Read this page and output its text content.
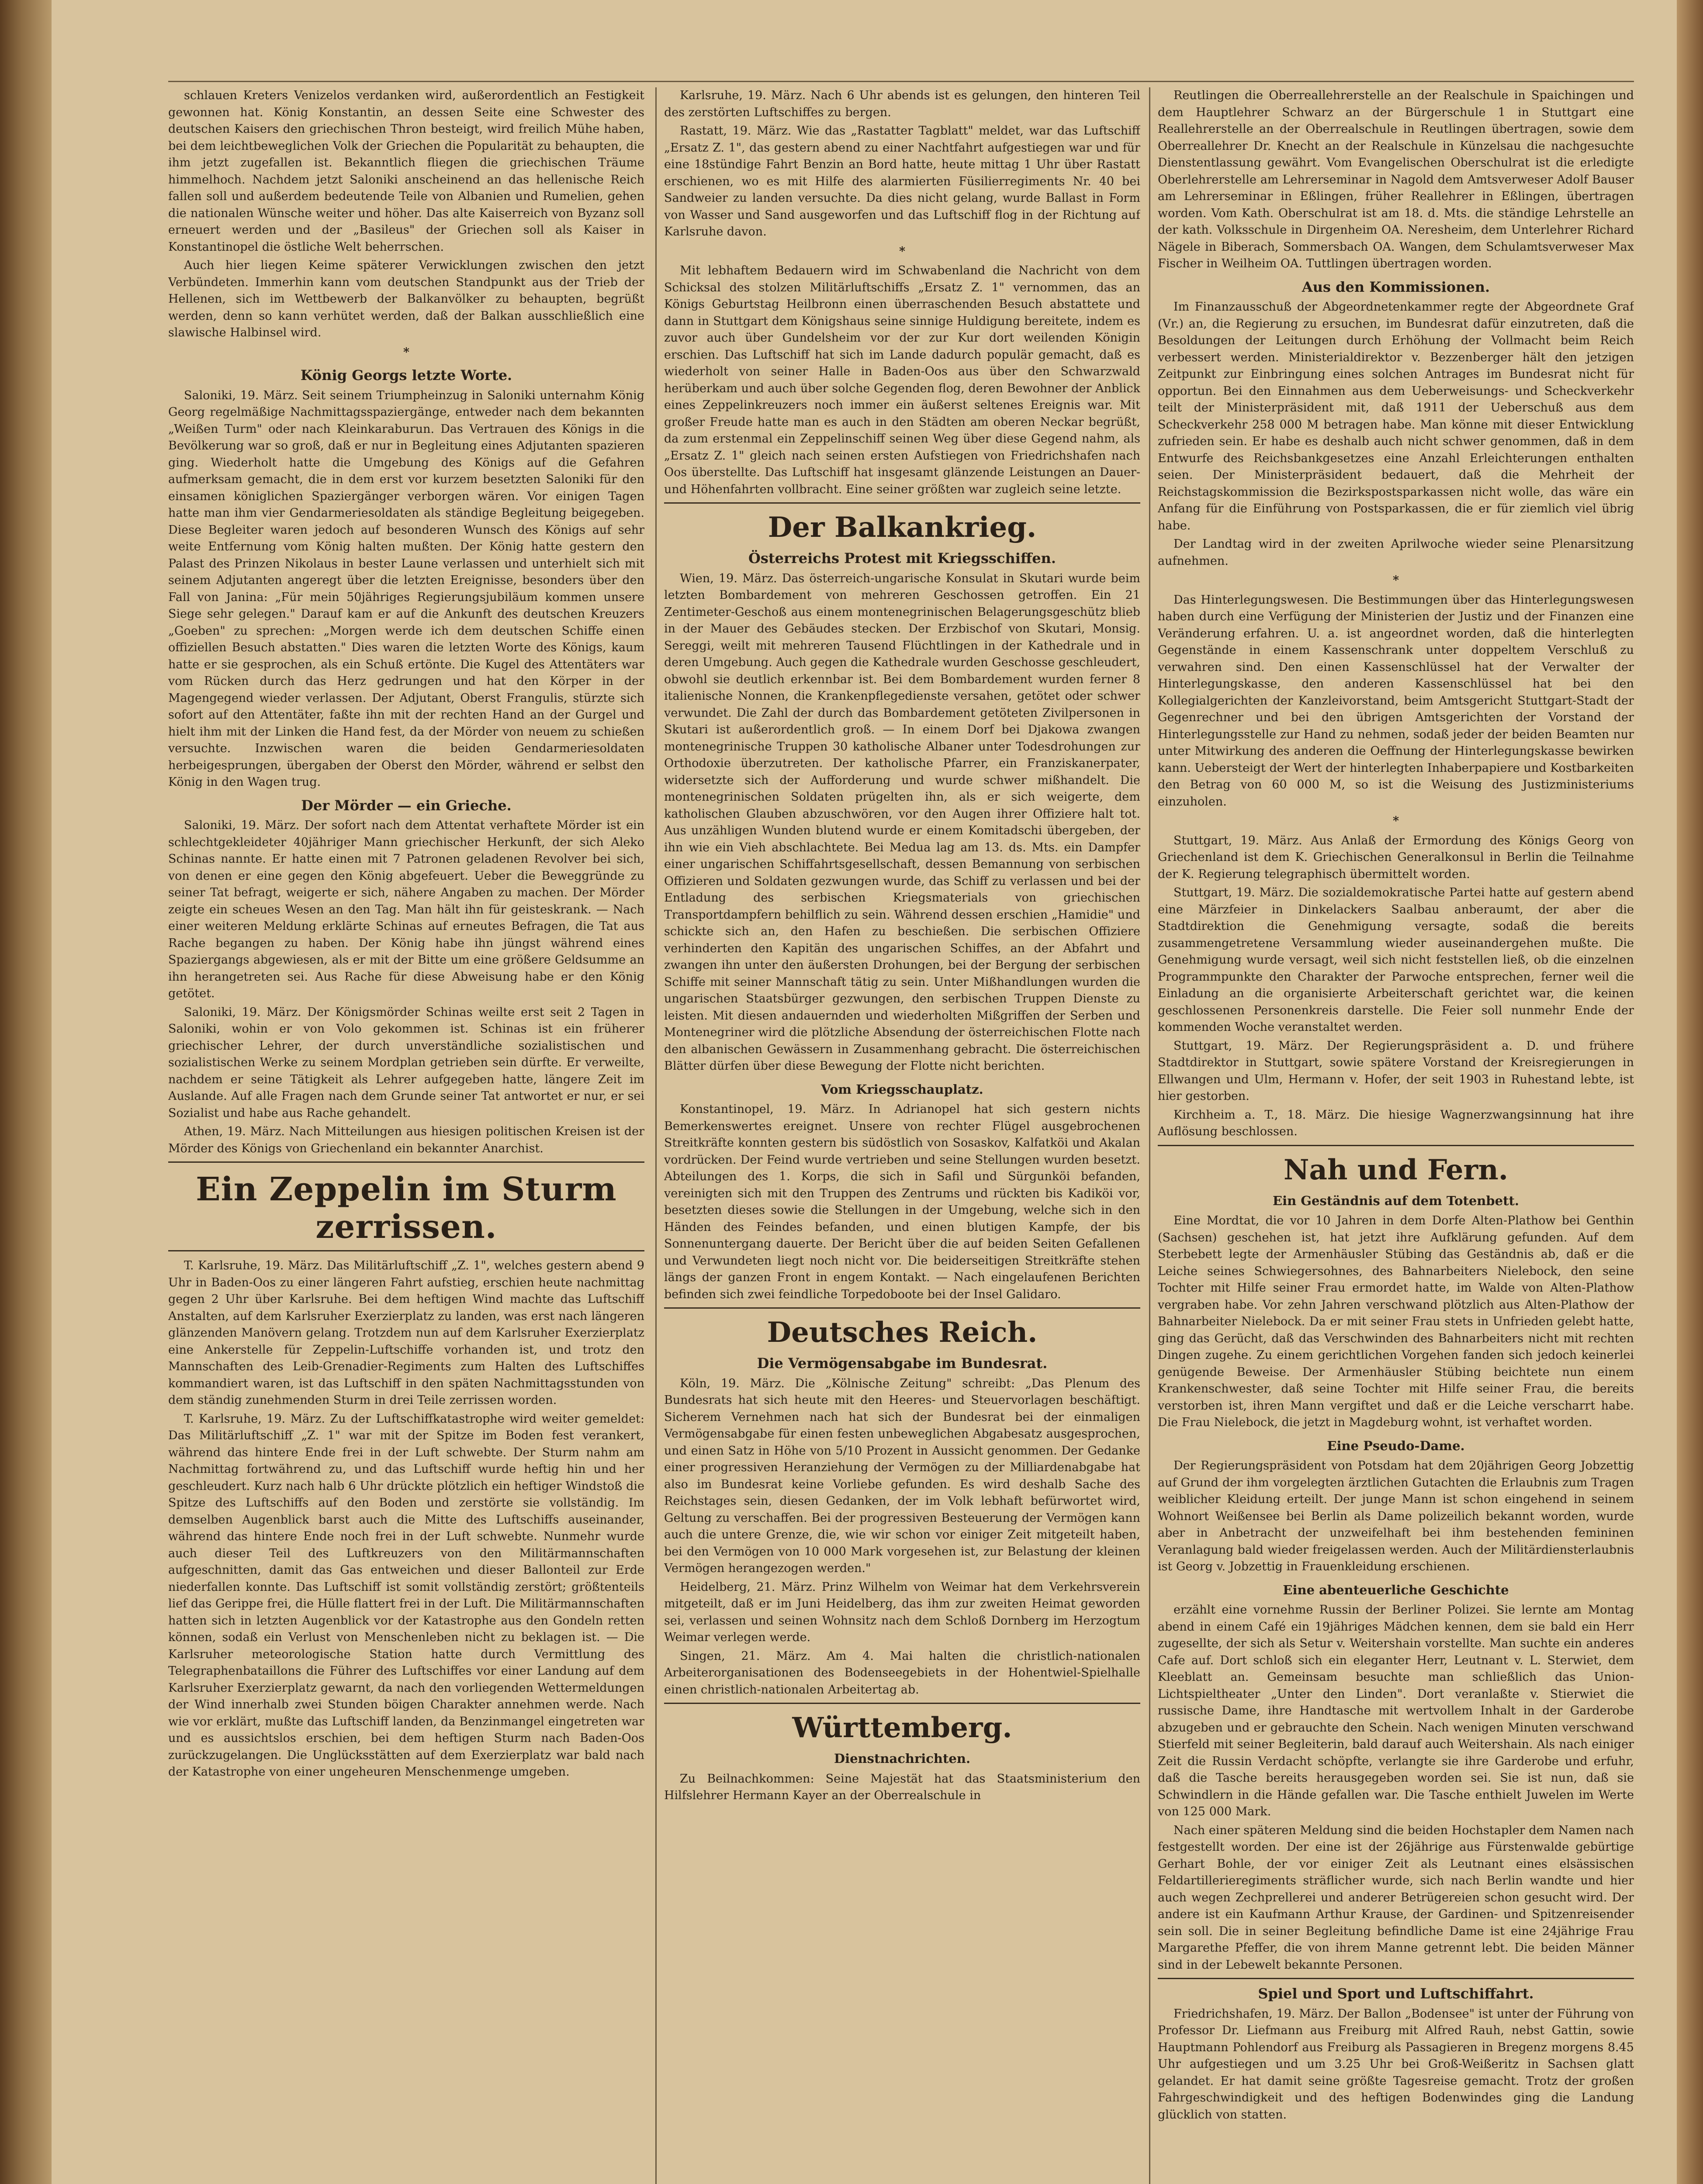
schlauen Kreters Venizelos verdanken wird, außerordentlich an Festigkeit gewonnen hat. König Konstantin, an dessen Seite eine Schwester des deutschen Kaisers den griechischen Thron besteigt, wird freilich Mühe haben, bei dem leichtbeweglichen Volk der Griechen die Popularität zu behaupten, die ihm jetzt zugefallen ist. Bekanntlich fliegen die griechischen Träume himmelhoch. Nachdem jetzt Saloniki anscheinend an das hellenische Reich fallen soll und außerdem bedeutende Teile von Albanien und Rumelien, gehen die nationalen Wünsche weiter und höher. Das alte Kaiserreich von Byzanz soll erneuert werden und der „Basileus" der Griechen soll als Kaiser in Konstantinopel die östliche Welt beherrschen.

Auch hier liegen Keime späterer Verwicklungen zwischen den jetzt Verbündeten. Immerhin kann vom deutschen Standpunkt aus der Trieb der Hellenen, sich im Wettbewerb der Balkanvölker zu behaupten, begrüßt werden, denn so kann verhütet werden, daß der Balkan ausschließlich eine slawische Halbinsel wird.

*
König Georgs letzte Worte.

Saloniki, 19. März. Seit seinem Triumpheinzug in Saloniki unternahm König Georg regelmäßige Nachmittagsspaziergänge, entweder nach dem bekannten „Weißen Turm" oder nach Kleinkaraburun. Das Vertrauen des Königs in die Bevölkerung war so groß, daß er nur in Begleitung eines Adjutanten spazieren ging. Wiederholt hatte die Umgebung des Königs auf die Gefahren aufmerksam gemacht, die in dem erst vor kurzem besetzten Saloniki für den einsamen königlichen Spaziergänger verborgen wären. Vor einigen Tagen hatte man ihm vier Gendarmeriesoldaten als ständige Begleitung beigegeben. Diese Begleiter waren jedoch auf besonderen Wunsch des Königs auf sehr weite Entfernung vom König halten mußten. Der König hatte gestern den Palast des Prinzen Nikolaus in bester Laune verlassen und unterhielt sich mit seinem Adjutanten angeregt über die letzten Ereignisse, besonders über den Fall von Janina: „Für mein 50jähriges Regierungsjubiläum kommen unsere Siege sehr gelegen." Darauf kam er auf die Ankunft des deutschen Kreuzers „Goeben" zu sprechen: „Morgen werde ich dem deutschen Schiffe einen offiziellen Besuch abstatten." Dies waren die letzten Worte des Königs, kaum hatte er sie gesprochen, als ein Schuß ertönte. Die Kugel des Attentäters war vom Rücken durch das Herz gedrungen und hat den Körper in der Magengegend wieder verlassen. Der Adjutant, Oberst Frangulis, stürzte sich sofort auf den Attentäter, faßte ihn mit der rechten Hand an der Gurgel und hielt ihm mit der Linken die Hand fest, da der Mörder von neuem zu schießen versuchte. Inzwischen waren die beiden Gendarmeriesoldaten herbeigesprungen, übergaben der Oberst den Mörder, während er selbst den König in den Wagen trug.

Der Mörder — ein Grieche.

Saloniki, 19. März. Der sofort nach dem Attentat verhaftete Mörder ist ein schlechtgekleideter 40jähriger Mann griechischer Herkunft, der sich Aleko Schinas nannte. Er hatte einen mit 7 Patronen geladenen Revolver bei sich, von denen er eine gegen den König abgefeuert. Ueber die Beweggründe zu seiner Tat befragt, weigerte er sich, nähere Angaben zu machen. Der Mörder zeigte ein scheues Wesen an den Tag. Man hält ihn für geisteskrank. — Nach einer weiteren Meldung erklärte Schinas auf erneutes Befragen, die Tat aus Rache begangen zu haben. Der König habe ihn jüngst während eines Spaziergangs abgewiesen, als er mit der Bitte um eine größere Geldsumme an ihn herangetreten sei. Aus Rache für diese Abweisung habe er den König getötet.

Saloniki, 19. März. Der Königsmörder Schinas weilte erst seit 2 Tagen in Saloniki, wohin er von Volo gekommen ist. Schinas ist ein früherer griechischer Lehrer, der durch unverständliche sozialistischen und sozialistischen Werke zu seinem Mordplan getrieben sein dürfte. Er verweilte, nachdem er seine Tätigkeit als Lehrer aufgegeben hatte, längere Zeit im Auslande. Auf alle Fragen nach dem Grunde seiner Tat antwortet er nur, er sei Sozialist und habe aus Rache gehandelt.

Athen, 19. März. Nach Mitteilungen aus hiesigen politischen Kreisen ist der Mörder des Königs von Griechenland ein bekannter Anarchist.

Ein Zeppelin im Sturm zerrissen.

T. Karlsruhe, 19. März. Das Militärluftschiff „Z. 1", welches gestern abend 9 Uhr in Baden-Oos zu einer längeren Fahrt aufstieg, erschien heute nachmittag gegen 2 Uhr über Karlsruhe. Bei dem heftigen Wind machte das Luftschiff Anstalten, auf dem Karlsruher Exerzierplatz zu landen, was erst nach längeren glänzenden Manövern gelang. Trotzdem nun auf dem Karlsruher Exerzierplatz eine Ankerstelle für Zeppelin-Luftschiffe vorhanden ist, und trotz den Mannschaften des Leib-Grenadier-Regiments zum Halten des Luftschiffes kommandiert waren, ist das Luftschiff in den späten Nachmittagsstunden von dem ständig zunehmenden Sturm in drei Teile zerrissen worden.

T. Karlsruhe, 19. März. Zu der Luftschiffkatastrophe wird weiter gemeldet: Das Militärluftschiff „Z. 1" war mit der Spitze im Boden fest verankert, während das hintere Ende frei in der Luft schwebte. Der Sturm nahm am Nachmittag fortwährend zu, und das Luftschiff wurde heftig hin und her geschleudert. Kurz nach halb 6 Uhr drückte plötzlich ein heftiger Windstoß die Spitze des Luftschiffs auf den Boden und zerstörte sie vollständig. Im demselben Augenblick barst auch die Mitte des Luftschiffs auseinander, während das hintere Ende noch frei in der Luft schwebte. Nunmehr wurde auch dieser Teil des Luftkreuzers von den Militärmannschaften aufgeschnitten, damit das Gas entweichen und dieser Ballonteil zur Erde niederfallen konnte. Das Luftschiff ist somit vollständig zerstört; größtenteils lief das Gerippe frei, die Hülle flattert frei in der Luft. Die Militärmannschaften hatten sich in letzten Augenblick vor der Katastrophe aus den Gondeln retten können, sodaß ein Verlust von Menschenleben nicht zu beklagen ist. — Die Karlsruher meteorologische Station hatte durch Vermittlung des Telegraphenbataillons die Führer des Luftschiffes vor einer Landung auf dem Karlsruher Exerzierplatz gewarnt, da nach den vorliegenden Wettermeldungen der Wind innerhalb zwei Stunden böigen Charakter annehmen werde. Nach wie vor erklärt, mußte das Luftschiff landen, da Benzinmangel eingetreten war und es aussichtslos erschien, bei dem heftigen Sturm nach Baden-Oos zurückzugelangen. Die Unglücksstätten auf dem Exerzierplatz war bald nach der Katastrophe von einer ungeheuren Menschenmenge umgeben.

Karlsruhe, 19. März. Nach 6 Uhr abends ist es gelungen, den hinteren Teil des zerstörten Luftschiffes zu bergen.

Rastatt, 19. März. Wie das „Rastatter Tagblatt" meldet, war das Luftschiff „Ersatz Z. 1", das gestern abend zu einer Nachtfahrt aufgestiegen war und für eine 18stündige Fahrt Benzin an Bord hatte, heute mittag 1 Uhr über Rastatt erschienen, wo es mit Hilfe des alarmierten Füsilierregiments Nr. 40 bei Sandweier zu landen versuchte. Da dies nicht gelang, wurde Ballast in Form von Wasser und Sand ausgeworfen und das Luftschiff flog in der Richtung auf Karlsruhe davon.

*

Mit lebhaftem Bedauern wird im Schwabenland die Nachricht von dem Schicksal des stolzen Militärluftschiffs „Ersatz Z. 1" vernommen, das an Königs Geburtstag Heilbronn einen überraschenden Besuch abstattete und dann in Stuttgart dem Königshaus seine sinnige Huldigung bereitete, indem es zuvor auch über Gundelsheim vor der zur Kur dort weilenden Königin erschien. Das Luftschiff hat sich im Lande dadurch populär gemacht, daß es wiederholt von seiner Halle in Baden-Oos aus über den Schwarzwald herüberkam und auch über solche Gegenden flog, deren Bewohner der Anblick eines Zeppelinkreuzers noch immer ein äußerst seltenes Ereignis war. Mit großer Freude hatte man es auch in den Städten am oberen Neckar begrüßt, da zum erstenmal ein Zeppelinschiff seinen Weg über diese Gegend nahm, als „Ersatz Z. 1" gleich nach seinen ersten Aufstiegen von Friedrichshafen nach Oos überstellte. Das Luftschiff hat insgesamt glänzende Leistungen an Dauer- und Höhenfahrten vollbracht. Eine seiner größten war zugleich seine letzte.

Der Balkankrieg.
Österreichs Protest mit Kriegsschiffen.

Wien, 19. März. Das österreich-ungarische Konsulat in Skutari wurde beim letzten Bombardement von mehreren Geschossen getroffen. Ein 21 Zentimeter-Geschoß aus einem montenegrinischen Belagerungsgeschütz blieb in der Mauer des Gebäudes stecken. Der Erzbischof von Skutari, Monsig. Sereggi, weilt mit mehreren Tausend Flüchtlingen in der Kathedrale und in deren Umgebung. Auch gegen die Kathedrale wurden Geschosse geschleudert, obwohl sie deutlich erkennbar ist. Bei dem Bombardement wurden ferner 8 italienische Nonnen, die Krankenpflegedienste versahen, getötet oder schwer verwundet. Die Zahl der durch das Bombardement getöteten Zivilpersonen in Skutari ist außerordentlich groß. — In einem Dorf bei Djakowa zwangen montenegrinische Truppen 30 katholische Albaner unter Todesdrohungen zur Orthodoxie überzutreten. Der katholische Pfarrer, ein Franziskanerpater, widersetzte sich der Aufforderung und wurde schwer mißhandelt. Die montenegrinischen Soldaten prügelten ihn, als er sich weigerte, dem katholischen Glauben abzuschwören, vor den Augen ihrer Offiziere halt tot. Aus unzähligen Wunden blutend wurde er einem Komitadschi übergeben, der ihn wie ein Vieh abschlachtete. Bei Medua lag am 13. ds. Mts. ein Dampfer einer ungarischen Schiffahrtsgesellschaft, dessen Bemannung von serbischen Offizieren und Soldaten gezwungen wurde, das Schiff zu verlassen und bei der Entladung des serbischen Kriegsmaterials von griechischen Transportdampfern behilflich zu sein. Während dessen erschien „Hamidie" und schickte sich an, den Hafen zu beschießen. Die serbischen Offiziere verhinderten den Kapitän des ungarischen Schiffes, an der Abfahrt und zwangen ihn unter den äußersten Drohungen, bei der Bergung der serbischen Schiffe mit seiner Mannschaft tätig zu sein. Unter Mißhandlungen wurden die ungarischen Staatsbürger gezwungen, den serbischen Truppen Dienste zu leisten. Mit diesen andauernden und wiederholten Mißgriffen der Serben und Montenegriner wird die plötzliche Absendung der österreichischen Flotte nach den albanischen Gewässern in Zusammenhang gebracht. Die österreichischen Blätter dürfen über diese Bewegung der Flotte nicht berichten.

Vom Kriegsschauplatz.

Konstantinopel, 19. März. In Adrianopel hat sich gestern nichts Bemerkenswertes ereignet. Unsere von rechter Flügel ausgebrochenen Streitkräfte konnten gestern bis südöstlich von Sosaskov, Kalfatköi und Akalan vordrücken. Der Feind wurde vertrieben und seine Stellungen wurden besetzt. Abteilungen des 1. Korps, die sich in Safil und Sürgunköi befanden, vereinigten sich mit den Truppen des Zentrums und rückten bis Kadiköi vor, besetzten dieses sowie die Stellungen in der Umgebung, welche sich in den Händen des Feindes befanden, und einen blutigen Kampfe, der bis Sonnenuntergang dauerte. Der Bericht über die auf beiden Seiten Gefallenen und Verwundeten liegt noch nicht vor. Die beiderseitigen Streitkräfte stehen längs der ganzen Front in engem Kontakt. — Nach eingelaufenen Berichten befinden sich zwei feindliche Torpedoboote bei der Insel Galidaro.

Deutsches Reich.
Die Vermögensabgabe im Bundesrat.

Köln, 19. März. Die „Kölnische Zeitung" schreibt: „Das Plenum des Bundesrats hat sich heute mit den Heeres- und Steuervorlagen beschäftigt. Sicherem Vernehmen nach hat sich der Bundesrat bei der einmaligen Vermögensabgabe für einen festen unbeweglichen Abgabesatz ausgesprochen, und einen Satz in Höhe von 5/10 Prozent in Aussicht genommen. Der Gedanke einer progressiven Heranziehung der Vermögen zu der Milliardenabgabe hat also im Bundesrat keine Vorliebe gefunden. Es wird deshalb Sache des Reichstages sein, diesen Gedanken, der im Volk lebhaft befürwortet wird, Geltung zu verschaffen. Bei der progressiven Besteuerung der Vermögen kann auch die untere Grenze, die, wie wir schon vor einiger Zeit mitgeteilt haben, bei den Vermögen von 10 000 Mark vorgesehen ist, zur Belastung der kleinen Vermögen herangezogen werden."

Heidelberg, 21. März. Prinz Wilhelm von Weimar hat dem Verkehrsverein mitgeteilt, daß er im Juni Heidelberg, das ihm zur zweiten Heimat geworden sei, verlassen und seinen Wohnsitz nach dem Schloß Dornberg im Herzogtum Weimar verlegen werde.

Singen, 21. März. Am 4. Mai halten die christlich-nationalen Arbeiterorganisationen des Bodenseegebiets in der Hohentwiel-Spielhalle einen christlich-nationalen Arbeitertag ab.

Württemberg.
Dienstnachrichten.

Zu Beilnachkommen: Seine Majestät hat das Staatsministerium den Hilfslehrer Hermann Kayer an der Oberrealschule in

Reutlingen die Oberreallehrerstelle an der Realschule in Spaichingen und dem Hauptlehrer Schwarz an der Bürgerschule 1 in Stuttgart eine Reallehrerstelle an der Oberrealschule in Reutlingen übertragen, sowie dem Oberreallehrer Dr. Knecht an der Realschule in Künzelsau die nachgesuchte Dienstentlassung gewährt. Vom Evangelischen Oberschulrat ist die erledigte Oberlehrerstelle am Lehrerseminar in Nagold dem Amtsverweser Adolf Bauser am Lehrerseminar in Eßlingen, früher Reallehrer in Eßlingen, übertragen worden. Vom Kath. Oberschulrat ist am 18. d. Mts. die ständige Lehrstelle an der kath. Volksschule in Dirgenheim OA. Neresheim, dem Unterlehrer Richard Nägele in Biberach, Sommersbach OA. Wangen, dem Schulamtsverweser Max Fischer in Weilheim OA. Tuttlingen übertragen worden.

Aus den Kommissionen.

Im Finanzausschuß der Abgeordnetenkammer regte der Abgeordnete Graf (Vr.) an, die Regierung zu ersuchen, im Bundesrat dafür einzutreten, daß die Besoldungen der Leitungen durch Erhöhung der Vollmacht beim Reich verbessert werden. Ministerialdirektor v. Bezzenberger hält den jetzigen Zeitpunkt zur Einbringung eines solchen Antrages im Bundesrat nicht für opportun. Bei den Einnahmen aus dem Ueberweisungs- und Scheckverkehr teilt der Ministerpräsident mit, daß 1911 der Ueberschuß aus dem Scheckverkehr 258 000 M betragen habe. Man könne mit dieser Entwicklung zufrieden sein. Er habe es deshalb auch nicht schwer genommen, daß in dem Entwurfe des Reichsbankgesetzes eine Anzahl Erleichterungen enthalten seien. Der Ministerpräsident bedauert, daß die Mehrheit der Reichstagskommission die Bezirkspostsparkassen nicht wolle, das wäre ein Anfang für die Einführung von Postsparkassen, die er für ziemlich viel übrig habe.

Der Landtag wird in der zweiten Aprilwoche wieder seine Plenarsitzung aufnehmen.

*

Das Hinterlegungswesen. Die Bestimmungen über das Hinterlegungswesen haben durch eine Verfügung der Ministerien der Justiz und der Finanzen eine Veränderung erfahren. U. a. ist angeordnet worden, daß die hinterlegten Gegenstände in einem Kassenschrank unter doppeltem Verschluß zu verwahren sind. Den einen Kassenschlüssel hat der Verwalter der Hinterlegungskasse, den anderen Kassenschlüssel hat bei den Kollegialgerichten der Kanzleivorstand, beim Amtsgericht Stuttgart-Stadt der Gegenrechner und bei den übrigen Amtsgerichten der Vorstand der Hinterlegungsstelle zur Hand zu nehmen, sodaß jeder der beiden Beamten nur unter Mitwirkung des anderen die Oeffnung der Hinterlegungskasse bewirken kann. Uebersteigt der Wert der hinterlegten Inhaberpapiere und Kostbarkeiten den Betrag von 60 000 M, so ist die Weisung des Justizministeriums einzuholen.

*

Stuttgart, 19. März. Aus Anlaß der Ermordung des Königs Georg von Griechenland ist dem K. Griechischen Generalkonsul in Berlin die Teilnahme der K. Regierung telegraphisch übermittelt worden.

Stuttgart, 19. März. Die sozialdemokratische Partei hatte auf gestern abend eine Märzfeier in Dinkelackers Saalbau anberaumt, der aber die Stadtdirektion die Genehmigung versagte, sodaß die bereits zusammengetretene Versammlung wieder auseinandergehen mußte. Die Genehmigung wurde versagt, weil sich nicht feststellen ließ, ob die einzelnen Programmpunkte den Charakter der Parwoche entsprechen, ferner weil die Einladung an die organisierte Arbeiterschaft gerichtet war, die keinen geschlossenen Personenkreis darstelle. Die Feier soll nunmehr Ende der kommenden Woche veranstaltet werden.

Stuttgart, 19. März. Der Regierungspräsident a. D. und frühere Stadtdirektor in Stuttgart, sowie spätere Vorstand der Kreisregierungen in Ellwangen und Ulm, Hermann v. Hofer, der seit 1903 in Ruhestand lebte, ist hier gestorben.

Kirchheim a. T., 18. März. Die hiesige Wagnerzwangsinnung hat ihre Auflösung beschlossen.

Nah und Fern.
Ein Geständnis auf dem Totenbett.

Eine Mordtat, die vor 10 Jahren in dem Dorfe Alten-Plathow bei Genthin (Sachsen) geschehen ist, hat jetzt ihre Aufklärung gefunden. Auf dem Sterbebett legte der Armenhäusler Stübing das Geständnis ab, daß er die Leiche seines Schwiegersohnes, des Bahnarbeiters Nielebock, den seine Tochter mit Hilfe seiner Frau ermordet hatte, im Walde von Alten-Plathow vergraben habe. Vor zehn Jahren verschwand plötzlich aus Alten-Plathow der Bahnarbeiter Nielebock. Da er mit seiner Frau stets in Unfrieden gelebt hatte, ging das Gerücht, daß das Verschwinden des Bahnarbeiters nicht mit rechten Dingen zugehe. Zu einem gerichtlichen Vorgehen fanden sich jedoch keinerlei genügende Beweise. Der Armenhäusler Stübing beichtete nun einem Krankenschwester, daß seine Tochter mit Hilfe seiner Frau, die bereits verstorben ist, ihren Mann vergiftet und daß er die Leiche verscharrt habe. Die Frau Nielebock, die jetzt in Magdeburg wohnt, ist verhaftet worden.

Eine Pseudo-Dame.

Der Regierungspräsident von Potsdam hat dem 20jährigen Georg Jobzettig auf Grund der ihm vorgelegten ärztlichen Gutachten die Erlaubnis zum Tragen weiblicher Kleidung erteilt. Der junge Mann ist schon eingehend in seinem Wohnort Weißensee bei Berlin als Dame polizeilich bekannt worden, wurde aber in Anbetracht der unzweifelhaft bei ihm bestehenden femininen Veranlagung bald wieder freigelassen werden. Auch der Militärdiensterlaubnis ist Georg v. Jobzettig in Frauenkleidung erschienen.

Eine abenteuerliche Geschichte

erzählt eine vornehme Russin der Berliner Polizei. Sie lernte am Montag abend in einem Café ein 19jähriges Mädchen kennen, dem sie bald ein Herr zugesellte, der sich als Setur v. Weitershain vorstellte. Man suchte ein anderes Cafe auf. Dort schloß sich ein eleganter Herr, Leutnant v. L. Sterwiet, dem Kleeblatt an. Gemeinsam besuchte man schließlich das Union-Lichtspieltheater „Unter den Linden". Dort veranlaßte v. Stierwiet die russische Dame, ihre Handtasche mit wertvollem Inhalt in der Garderobe abzugeben und er gebrauchte den Schein. Nach wenigen Minuten verschwand Stierfeld mit seiner Begleiterin, bald darauf auch Weitershain. Als nach einiger Zeit die Russin Verdacht schöpfte, verlangte sie ihre Garderobe und erfuhr, daß die Tasche bereits herausgegeben worden sei. Sie ist nun, daß sie Schwindlern in die Hände gefallen war. Die Tasche enthielt Juwelen im Werte von 125 000 Mark.

Nach einer späteren Meldung sind die beiden Hochstapler dem Namen nach festgestellt worden. Der eine ist der 26jährige aus Fürstenwalde gebürtige Gerhart Bohle, der vor einiger Zeit als Leutnant eines elsässischen Feldartillerieregiments sträflicher wurde, sich nach Berlin wandte und hier auch wegen Zechprellerei und anderer Betrügereien schon gesucht wird. Der andere ist ein Kaufmann Arthur Krause, der Gardinen- und Spitzenreisender sein soll. Die in seiner Begleitung befindliche Dame ist eine 24jährige Frau Margarethe Pfeffer, die von ihrem Manne getrennt lebt. Die beiden Männer sind in der Lebewelt bekannte Personen.

Spiel und Sport und Luftschiffahrt.

Friedrichshafen, 19. März. Der Ballon „Bodensee" ist unter der Führung von Professor Dr. Liefmann aus Freiburg mit Alfred Rauh, nebst Gattin, sowie Hauptmann Pohlendorf aus Freiburg als Passagieren in Bregenz morgens 8.45 Uhr aufgestiegen und um 3.25 Uhr bei Groß-Weißeritz in Sachsen glatt gelandet. Er hat damit seine größte Tagesreise gemacht. Trotz der großen Fahrgeschwindigkeit und des heftigen Bodenwindes ging die Landung glücklich von statten.
